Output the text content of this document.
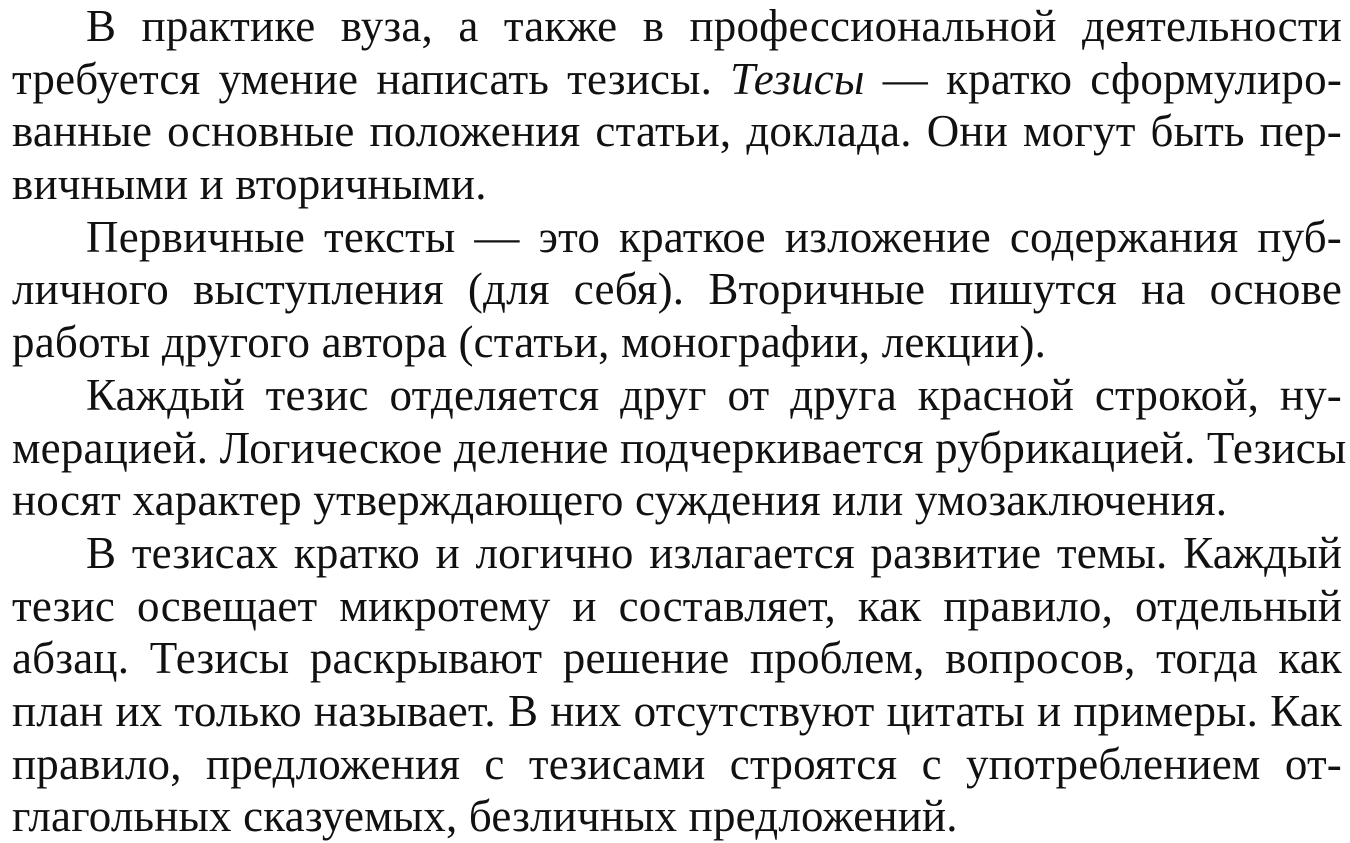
В практике вуза, а также в профессиональной деятельности
требуется умение написать тезисы. Тезисы — кратко сформулиро-
ванные основные положения статьи, доклада. Они могут быть пер-
вичными и вторичными.
Первичные тексты — это краткое изложение содержания пуб-
личного выступления (для себя). Вторичные пишутся на основе
работы другого автора (статьи, монографии, лекции).
Каждый тезис отделяется друг от друга красной строкой, ну-
мерацией. Логическое деление подчеркивается рубрикацией. Тезисы
носят характер утверждающего суждения или умозаключения.
В тезисах кратко и логично излагается развитие темы. Каждый
тезис освещает микротему и составляет, как правило, отдельный
абзац. Тезисы раскрывают решение проблем, вопросов, тогда как
план их только называет. В них отсутствуют цитаты и примеры. Как
правило, предложения с тезисами строятся с употреблением от-
глагольных сказуемых, безличных предложений.
